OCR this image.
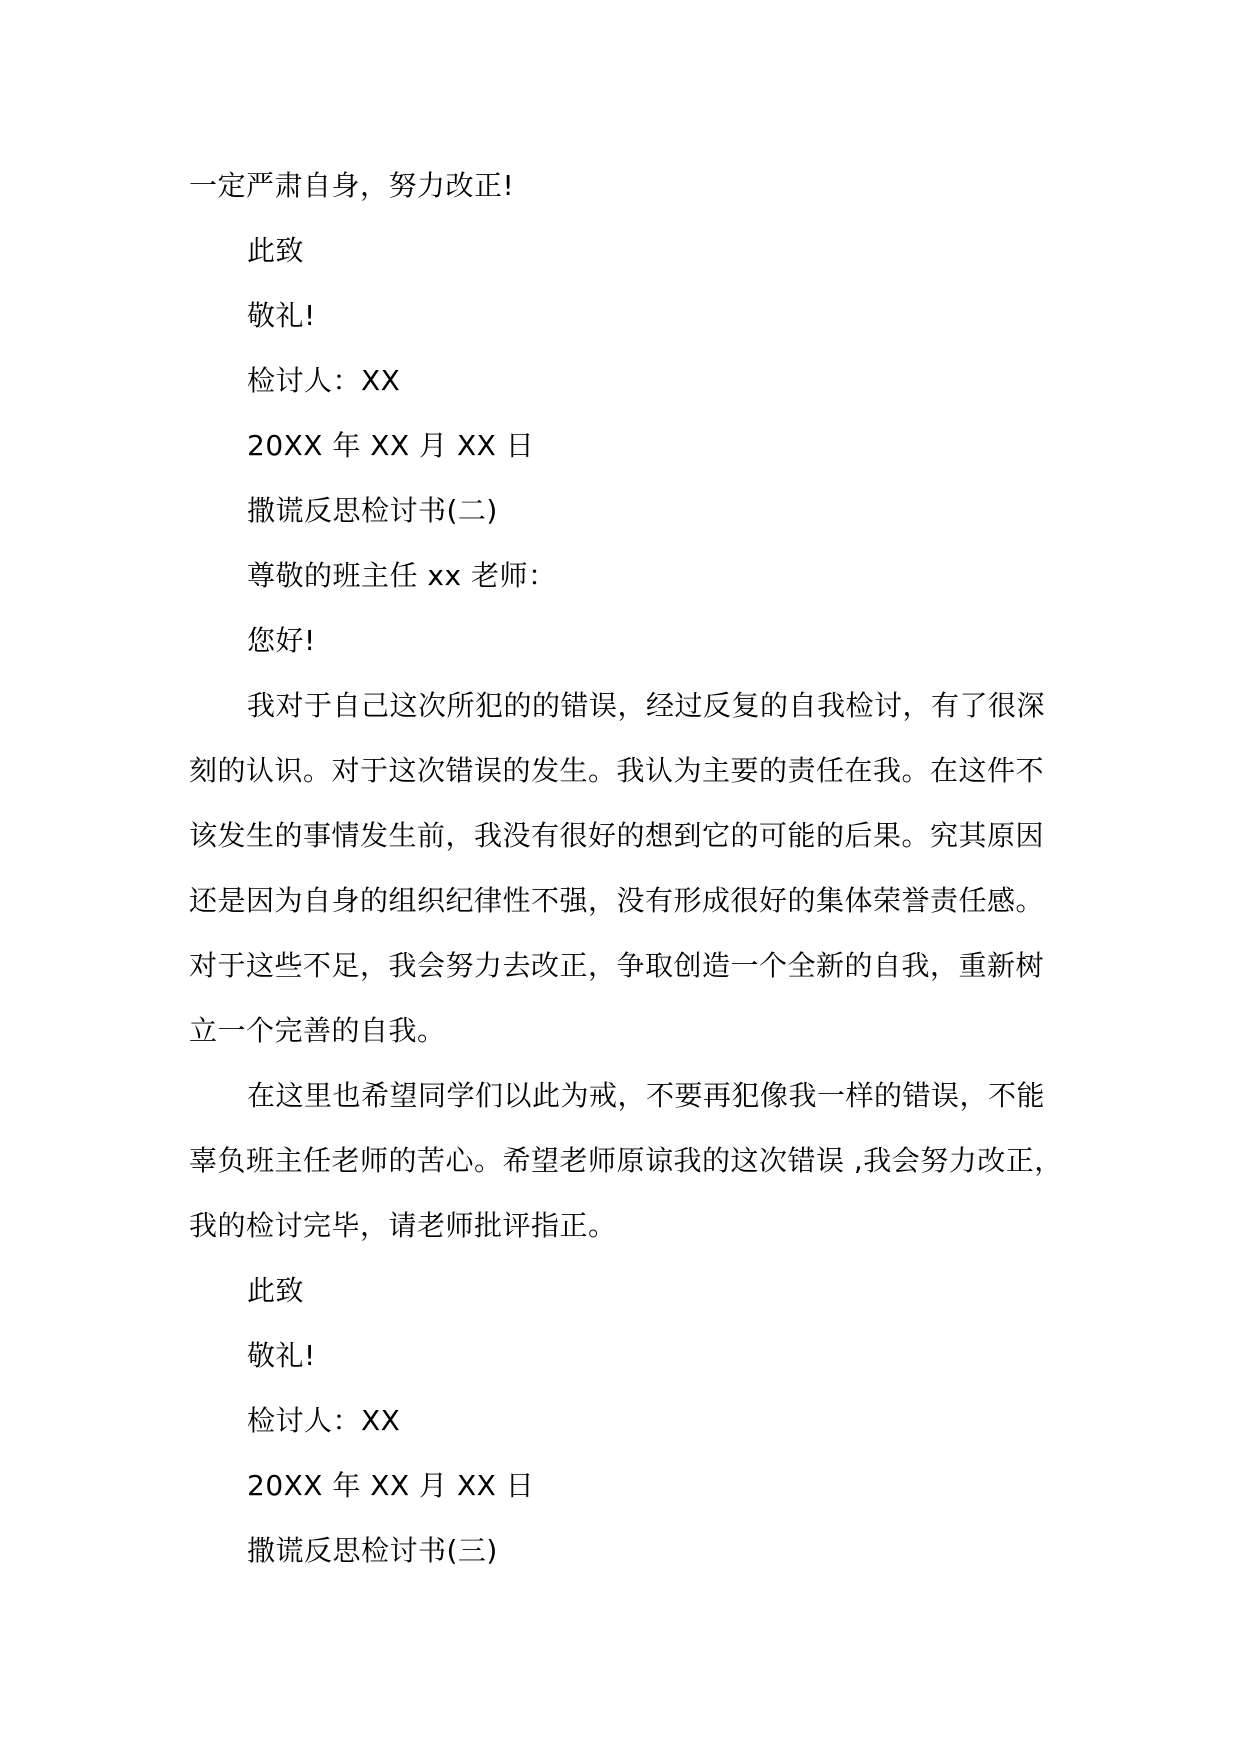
一定严肃自身，努力改正!
此致
敬礼!
检讨人：XX
20XX 年 XX 月 XX 日
撒谎反思检讨书(二)
尊敬的班主任 xx 老师：
您好!
我对于自己这次所犯的的错误，经过反复的自我检讨，有了很深
刻的认识。对于这次错误的发生。我认为主要的责任在我。在这件不
该发生的事情发生前，我没有很好的想到它的可能的后果。究其原因
还是因为自身的组织纪律性不强，没有形成很好的集体荣誉责任感。
对于这些不足，我会努力去改正，争取创造一个全新的自我，重新树
立一个完善的自我。
在这里也希望同学们以此为戒，不要再犯像我一样的错误，不能
辜负班主任老师的苦心。希望老师原谅我的这次错误 ,我会努力改正，
我的检讨完毕，请老师批评指正。
此致
敬礼!
检讨人：XX
20XX 年 XX 月 XX 日
撒谎反思检讨书(三)
